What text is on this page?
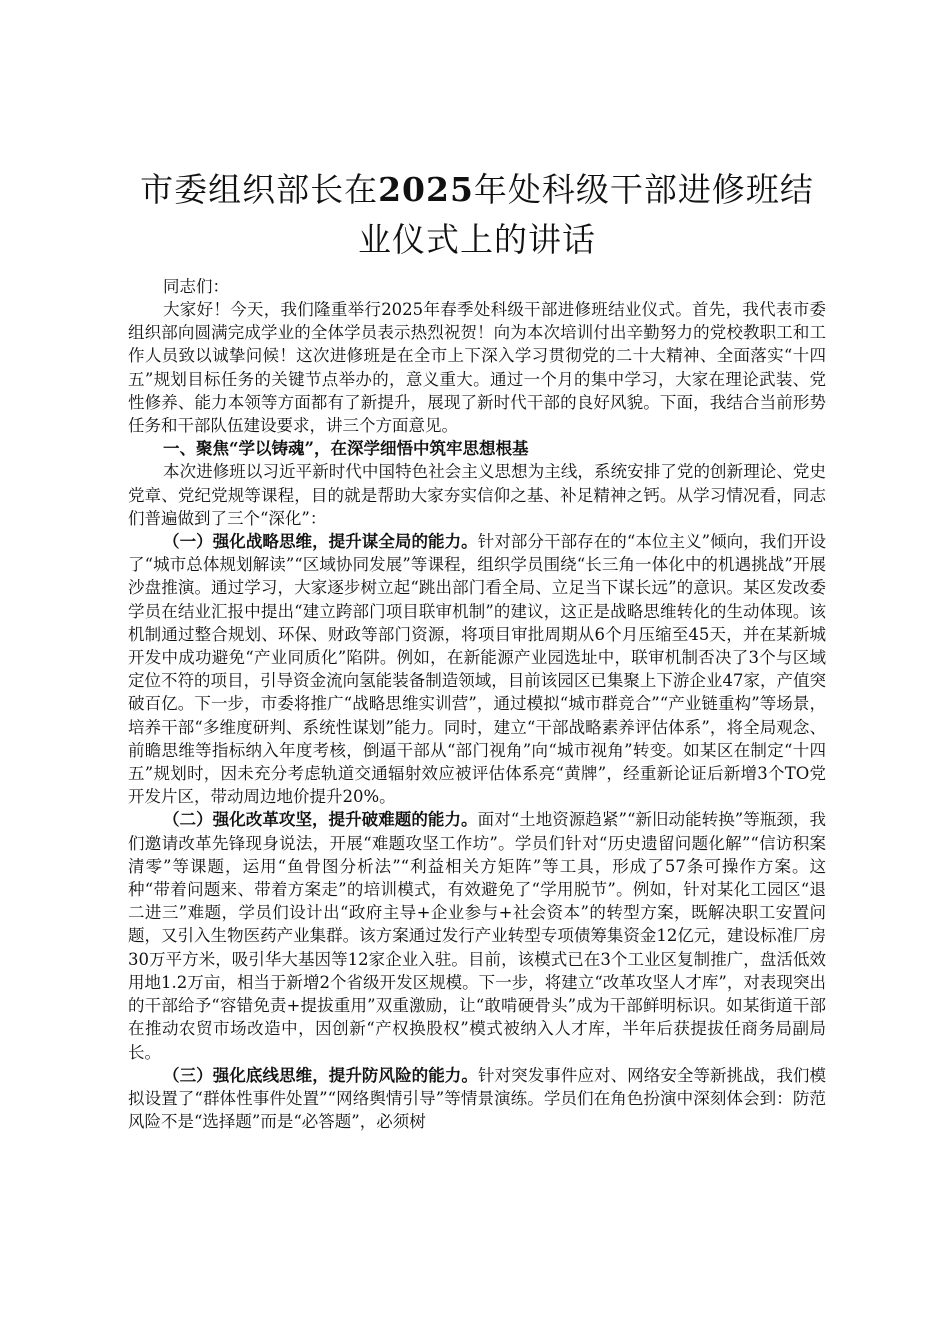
市委组织部长在2025年处科级干部进修班结
业仪式上的讲话

同志们：

大家好！今天，我们隆重举行2025年春季处科级干部进修班结业仪式。首先，我代表市委组织部向圆满完成学业的全体学员表示热烈祝贺！向为本次培训付出辛勤努力的党校教职工和工作人员致以诚挚问候！这次进修班是在全市上下深入学习贯彻党的二十大精神、全面落实“十四五”规划目标任务的关键节点举办的，意义重大。通过一个月的集中学习，大家在理论武装、党性修养、能力本领等方面都有了新提升，展现了新时代干部的良好风貌。下面，我结合当前形势任务和干部队伍建设要求，讲三个方面意见。

一、聚焦“学以铸魂”，在深学细悟中筑牢思想根基

本次进修班以习近平新时代中国特色社会主义思想为主线，系统安排了党的创新理论、党史党章、党纪党规等课程，目的就是帮助大家夯实信仰之基、补足精神之钙。从学习情况看，同志们普遍做到了三个“深化”：

（一）强化战略思维，提升谋全局的能力。针对部分干部存在的“本位主义”倾向，我们开设了“城市总体规划解读”“区域协同发展”等课程，组织学员围绕“长三角一体化中的机遇挑战”开展沙盘推演。通过学习，大家逐步树立起“跳出部门看全局、立足当下谋长远”的意识。某区发改委学员在结业汇报中提出“建立跨部门项目联审机制”的建议，这正是战略思维转化的生动体现。该机制通过整合规划、环保、财政等部门资源，将项目审批周期从6个月压缩至45天，并在某新城开发中成功避免“产业同质化”陷阱。例如，在新能源产业园选址中，联审机制否决了3个与区域定位不符的项目，引导资金流向氢能装备制造领域，目前该园区已集聚上下游企业47家，产值突破百亿。下一步，市委将推广“战略思维实训营”，通过模拟“城市群竞合”“产业链重构”等场景，培养干部“多维度研判、系统性谋划”能力。同时，建立“干部战略素养评估体系”，将全局观念、前瞻思维等指标纳入年度考核，倒逼干部从“部门视角”向“城市视角”转变。如某区在制定“十四五”规划时，因未充分考虑轨道交通辐射效应被评估体系亮“黄牌”，经重新论证后新增3个TO党开发片区，带动周边地价提升20%。

（二）强化改革攻坚，提升破难题的能力。面对“土地资源趋紧”“新旧动能转换”等瓶颈，我们邀请改革先锋现身说法，开展“难题攻坚工作坊”。学员们针对“历史遗留问题化解”“信访积案清零”等课题，运用“鱼骨图分析法”“利益相关方矩阵”等工具，形成了57条可操作方案。这种“带着问题来、带着方案走”的培训模式，有效避免了“学用脱节”。例如，针对某化工园区“退二进三”难题，学员们设计出“政府主导+企业参与+社会资本”的转型方案，既解决职工安置问题，又引入生物医药产业集群。该方案通过发行产业转型专项债筹集资金12亿元，建设标准厂房30万平方米，吸引华大基因等12家企业入驻。目前，该模式已在3个工业区复制推广，盘活低效用地1.2万亩，相当于新增2个省级开发区规模。下一步，将建立“改革攻坚人才库”，对表现突出的干部给予“容错免责+提拔重用”双重激励，让“敢啃硬骨头”成为干部鲜明标识。如某街道干部在推动农贸市场改造中，因创新“产权换股权”模式被纳入人才库，半年后获提拔任商务局副局长。

（三）强化底线思维，提升防风险的能力。针对突发事件应对、网络安全等新挑战，我们模拟设置了“群体性事件处置”“网络舆情引导”等情景演练。学员们在角色扮演中深刻体会到：防范风险不是“选择题”而是“必答题”，必须树
